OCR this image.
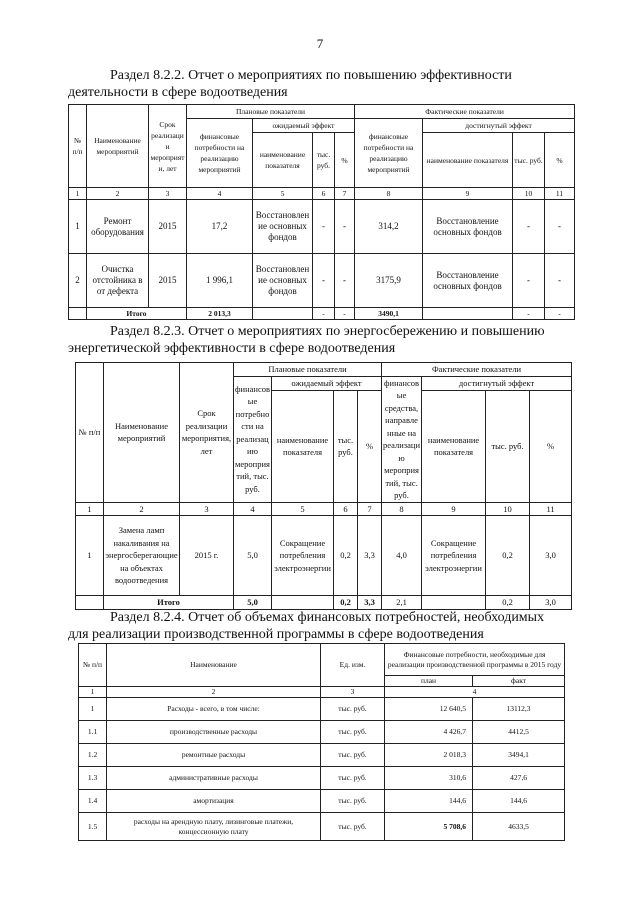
7
Раздел 8.2.2. Отчет о мероприятиях по повышению эффективности
деятельности в сфере водоотведения
№ п/п	Наименование мероприятий	Срок реализации мероприяти, лет	Плановые показатели				Фактические показатели			
			финансовые потребности на реализацию мероприятий	ожидаемый эффект			финансовые потребности на реализацию мероприятий	достигнутый эффект		
				наименование показателя	тыс. руб.	%		наименование показателя	тыс. руб.	%
1	2	3	4	5	6	7	8	9	10	11
1	Ремонт оборудования	2015	17,2	Восстановление основных фондов	-	-	314,2	Восстановление основных фондов	-	-
2	Очистка отстойника в от дефекта	2015	1 996,1	Восстановление основных фондов	-	-	3175,9	Восстановление основных фондов	-	-
	Итого		2 013,3		-	-	3490,1		-	-
Раздел 8.2.3. Отчет о мероприятиях по энергосбережению и повышению
энергетической эффективности в сфере водоотведения
№ п/п	Наименование мероприятий	Срок реализации мероприятия, лет	Плановые показатели				Фактические показатели			
			финансовые потребности на реализацию мероприятий, тыс. руб.	ожидаемый эффект			финансовые средства, направленные на реализацию мероприятий, тыс. руб.	достигнутый эффект		
				наименование показателя	тыс. руб.	%		наименование показателя	тыс. руб.	%
1	2	3	4	5	6	7	8	9	10	11
1	Замена ламп накаливания на энергосберегающие на объектах водоотведения	2015 г.	5,0	Сокращение потребления электроэнергии	0,2	3,3	4,0	Сокращение потребления электроэнергии	0,2	3,0
	Итого		5,0		0,2	3,3	2,1		0,2	3,0
Раздел 8.2.4. Отчет об объемах финансовых потребностей, необходимых
для реализации производственной программы в сфере водоотведения
№ п/п	Наименование	Ед. изм.	Финансовые потребности, необходимые для реализации производственной программы в 2015 году	
			план	факт
1	2	3	4	
1	Расходы - всего, в том числе:	тыс. руб.	12 640,5	13112,3
1.1	производственные расходы	тыс. руб.	4 426,7	4412,5
1.2	ремонтные расходы	тыс. руб.	2 018,3	3494,1
1.3	административные расходы	тыс. руб.	310,6	427,6
1.4	амортизация	тыс. руб.	144,6	144,6
1.5	расходы на арендную плату, лизинговые платежи, концессионную плату	тыс. руб.	5 708,6	4633,5
